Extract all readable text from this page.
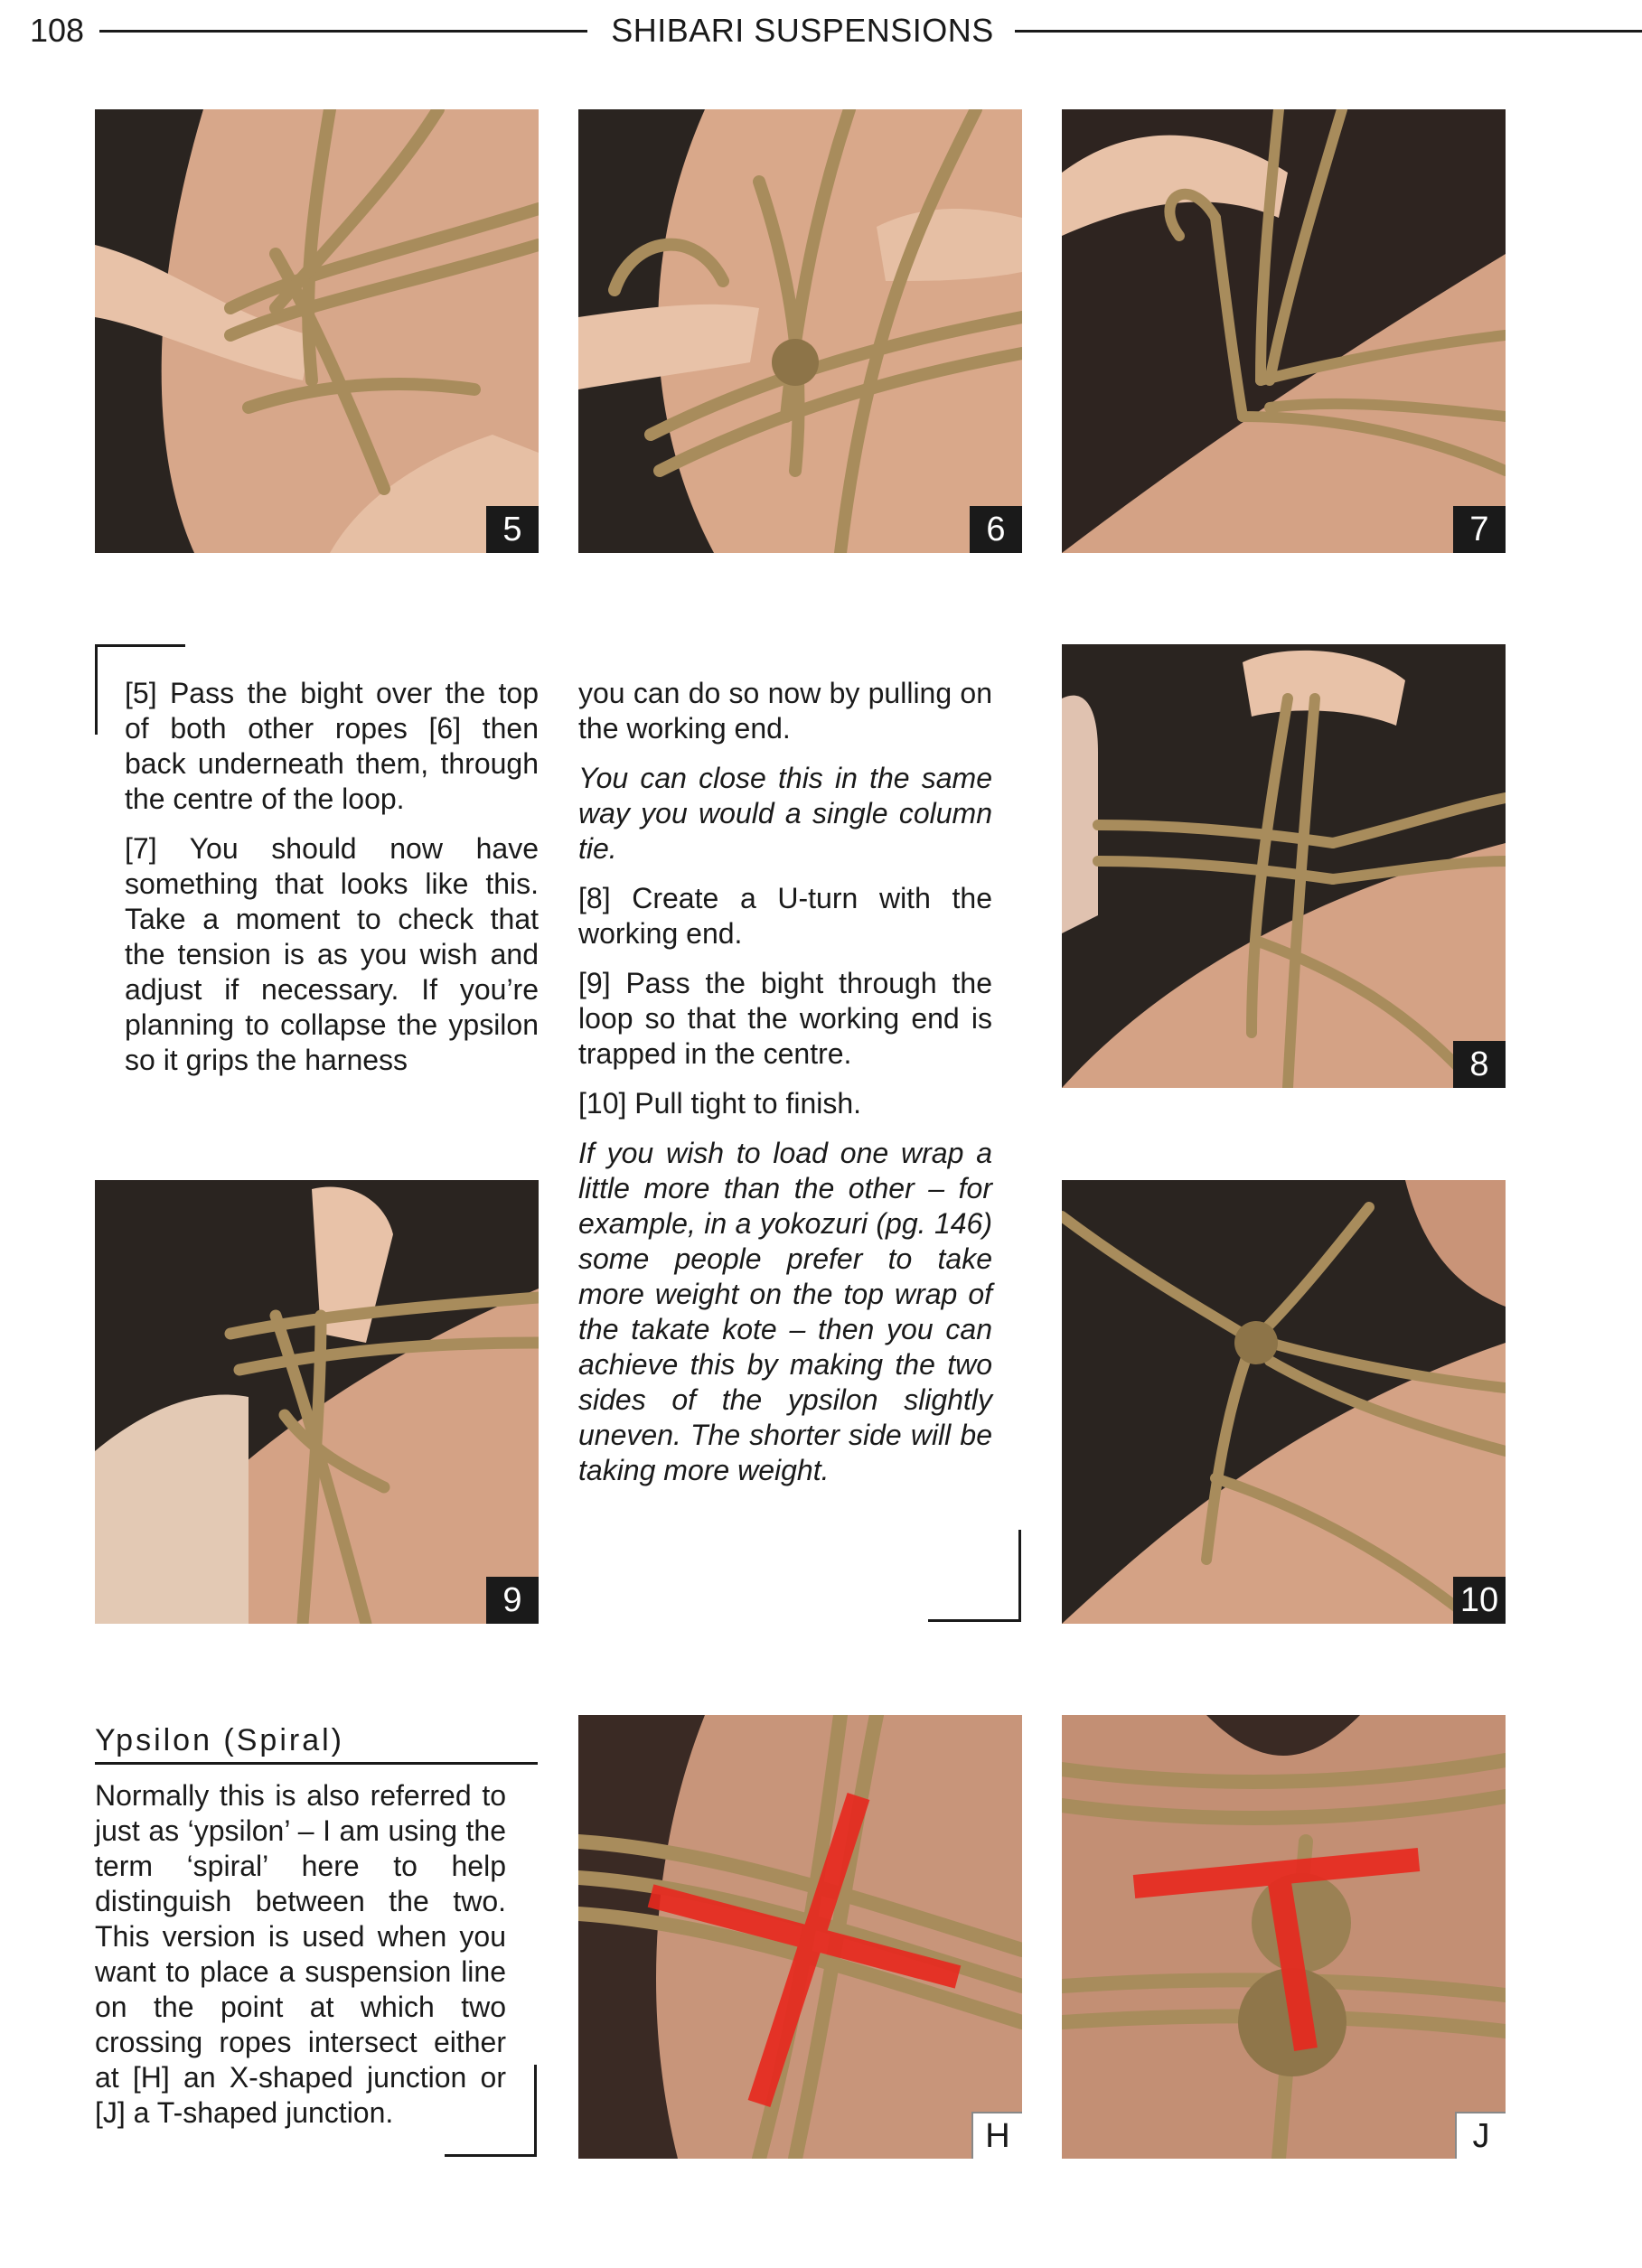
108	SHIBARI SUSPENSIONS
5	6	7

[5] Pass the bight over the top of both other ropes [6] then back underneath them, through the centre of the loop.

[7] You should now have something that looks like this. Take a moment to check that the tension is as you wish and adjust if necessary. If you’re planning to collapse the ypsilon so it grips the harness

you can do so now by pulling on the working end.

You can close this in the same way you would a single column tie.

[8] Create a U-turn with the working end.

[9] Pass the bight through the loop so that the working end is trapped in the centre.

[10] Pull tight to finish.

If you wish to load one wrap a little more than the other – for example, in a yokozuri (pg. 146) some people prefer to take more weight on the top wrap of the takate kote – then you can achieve this by making the two sides of the ypsilon slightly uneven. The shorter side will be taking more weight.

8
9	10
Ypsilon (Spiral)

Normally this is also referred to just as ‘ypsilon’ – I am using the term ‘spiral’ here to help distinguish between the two. This version is used when you want to place a suspension line on the point at which two crossing ropes intersect either at [H] an X-shaped junction or [J] a T-shaped junction.

H	J
